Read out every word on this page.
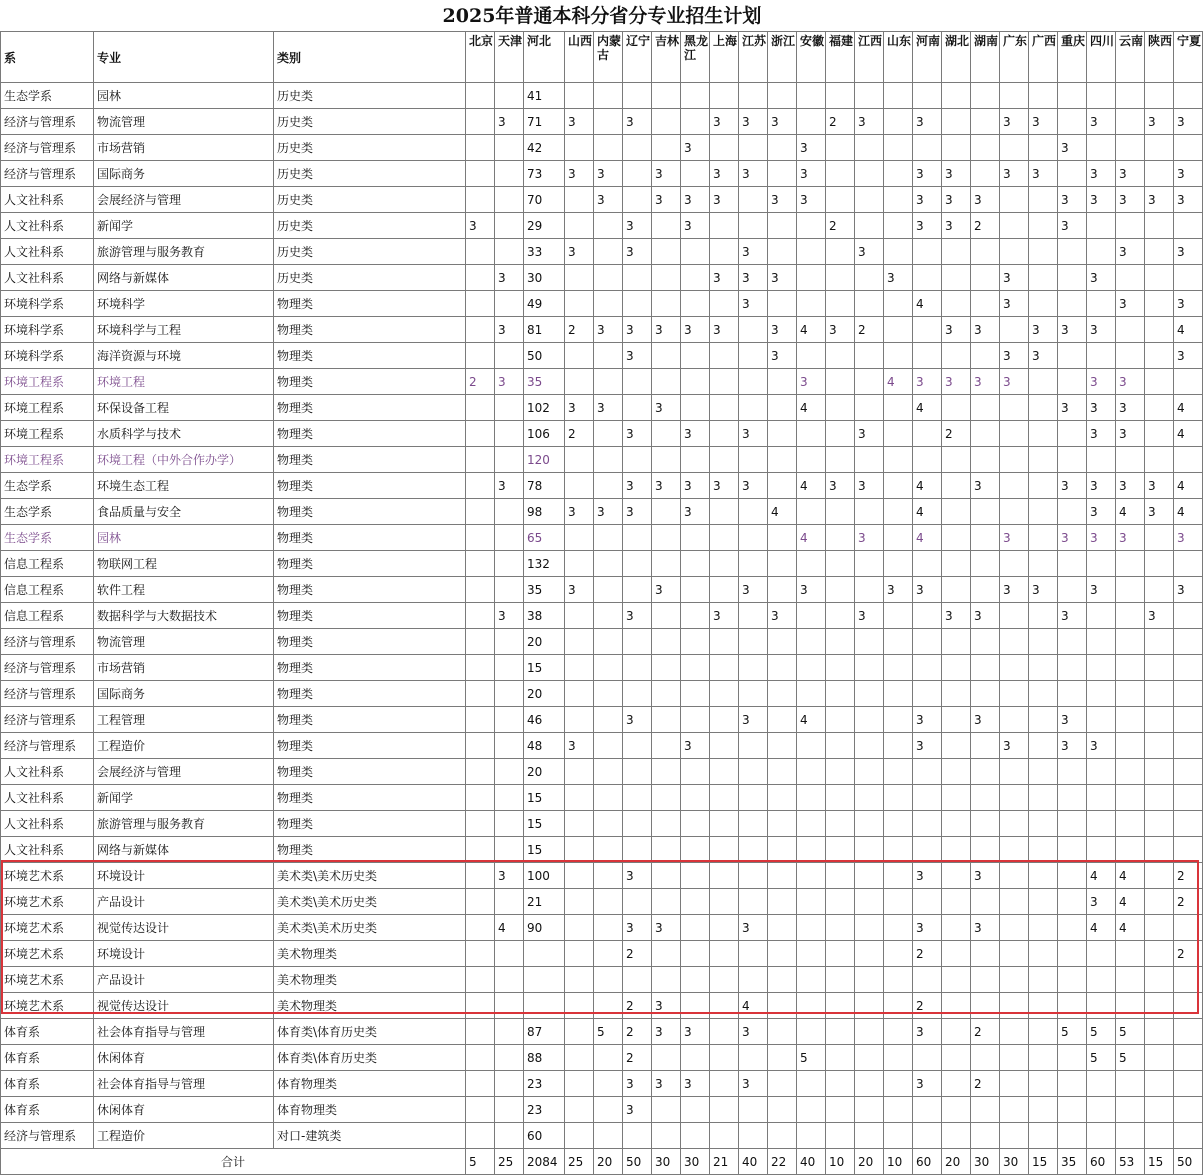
2025年普通本科分省分专业招生计划
系	专业	类别	北京	天津	河北	山西	内蒙古	辽宁	吉林	黑龙江	上海	江苏	浙江	安徽	福建	江西	山东	河南	湖北	湖南	广东	广西	重庆	四川	云南	陕西	宁夏
生态学系	园林	历史类			41																						
经济与管理系	物流管理	历史类		3	71	3		3			3	3	3		2	3		3			3	3		3		3	3
经济与管理系	市场营销	历史类			42					3				3									3				
经济与管理系	国际商务	历史类			73	3	3		3		3	3		3				3	3		3	3		3	3		3
人文社科系	会展经济与管理	历史类			70		3		3	3	3		3	3				3	3	3			3	3	3	3	3
人文社科系	新闻学	历史类	3		29			3		3					2			3	3	2			3				
人文社科系	旅游管理与服务教育	历史类			33	3		3				3				3									3		3
人文社科系	网络与新媒体	历史类		3	30						3	3	3				3				3			3			
环境科学系	环境科学	物理类			49							3						4			3				3		3
环境科学系	环境科学与工程	物理类		3	81	2	3	3	3	3	3		3	4	3	2			3	3		3	3	3			4
环境科学系	海洋资源与环境	物理类			50			3					3								3	3					3
环境工程系	环境工程	物理类	2	3	35									3			4	3	3	3	3			3	3		
环境工程系	环保设备工程	物理类			102	3	3		3					4				4					3	3	3		4
环境工程系	水质科学与技术	物理类			106	2		3		3		3				3			2					3	3		4
环境工程系	环境工程（中外合作办学）	物理类			120																						
生态学系	环境生态工程	物理类		3	78			3	3	3	3	3		4	3	3		4		3			3	3	3	3	4
生态学系	食品质量与安全	物理类			98	3	3	3		3			4					4						3	4	3	4
生态学系	园林	物理类			65									4		3		4			3		3	3	3		3
信息工程系	物联网工程	物理类			132																						
信息工程系	软件工程	物理类			35	3			3			3		3			3	3			3	3		3			3
信息工程系	数据科学与大数据技术	物理类		3	38			3			3		3			3			3	3			3			3	
经济与管理系	物流管理	物理类			20																						
经济与管理系	市场营销	物理类			15																						
经济与管理系	国际商务	物理类			20																						
经济与管理系	工程管理	物理类			46			3				3		4				3		3			3				
经济与管理系	工程造价	物理类			48	3				3								3			3		3	3			
人文社科系	会展经济与管理	物理类			20																						
人文社科系	新闻学	物理类			15																						
人文社科系	旅游管理与服务教育	物理类			15																						
人文社科系	网络与新媒体	物理类			15																						
环境艺术系	环境设计	美术类\美术历史类		3	100			3										3		3				4	4		2
环境艺术系	产品设计	美术类\美术历史类			21																			3	4		2
环境艺术系	视觉传达设计	美术类\美术历史类		4	90			3	3			3						3		3				4	4		
环境艺术系	环境设计	美术物理类						2										2									2
环境艺术系	产品设计	美术物理类																									
环境艺术系	视觉传达设计	美术物理类						2	3			4						2									
体育系	社会体育指导与管理	体育类\体育历史类			87		5	2	3	3		3						3		2			5	5	5		
体育系	休闲体育	体育类\体育历史类			88			2						5										5	5		
体育系	社会体育指导与管理	体育物理类			23			3	3	3		3						3		2							
体育系	休闲体育	体育物理类			23			3																			
经济与管理系	工程造价	对口-建筑类			60																						
合计			5	25	2084	25	20	50	30	30	21	40	22	40	10	20	10	60	20	30	30	15	35	60	53	15	50
